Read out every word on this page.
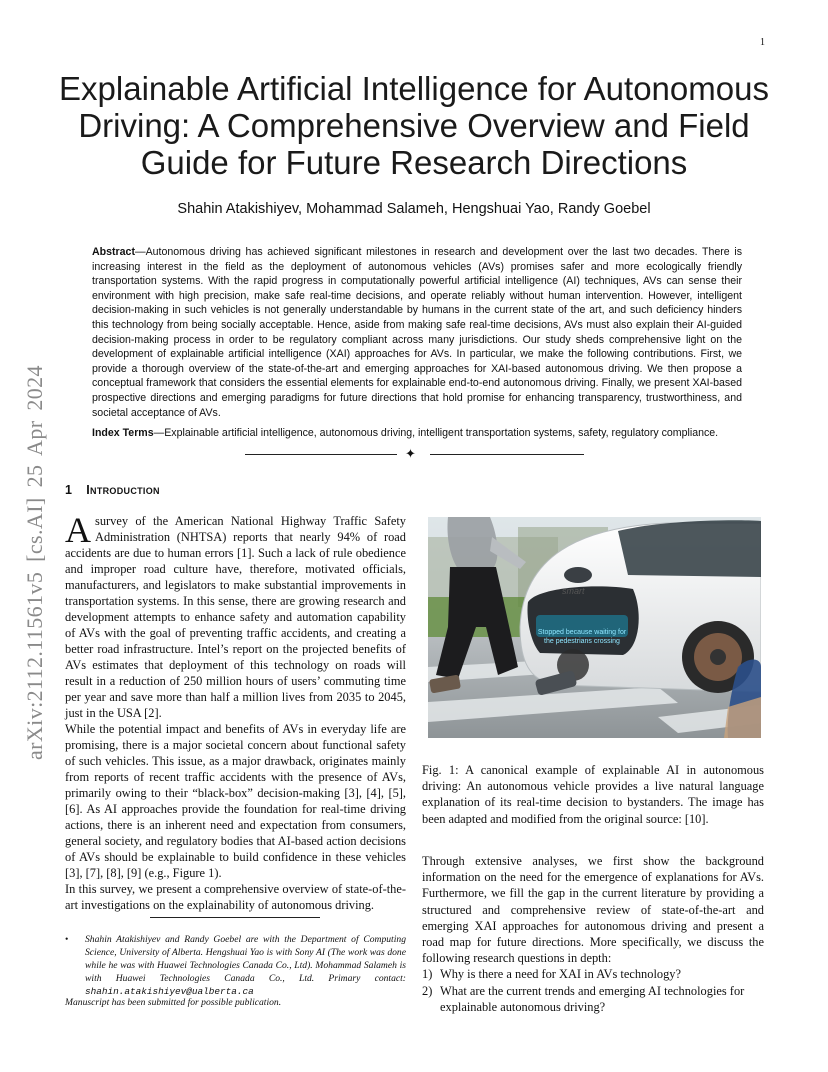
1
Explainable Artificial Intelligence for Autonomous Driving: A Comprehensive Overview and Field Guide for Future Research Directions
Shahin Atakishiyev, Mohammad Salameh, Hengshuai Yao, Randy Goebel
Abstract—Autonomous driving has achieved significant milestones in research and development over the last two decades. There is increasing interest in the field as the deployment of autonomous vehicles (AVs) promises safer and more ecologically friendly transportation systems. With the rapid progress in computationally powerful artificial intelligence (AI) techniques, AVs can sense their environment with high precision, make safe real-time decisions, and operate reliably without human intervention. However, intelligent decision-making in such vehicles is not generally understandable by humans in the current state of the art, and such deficiency hinders this technology from being socially acceptable. Hence, aside from making safe real-time decisions, AVs must also explain their AI-guided decision-making process in order to be regulatory compliant across many jurisdictions. Our study sheds comprehensive light on the development of explainable artificial intelligence (XAI) approaches for AVs. In particular, we make the following contributions. First, we provide a thorough overview of the state-of-the-art and emerging approaches for XAI-based autonomous driving. We then propose a conceptual framework that considers the essential elements for explainable end-to-end autonomous driving. Finally, we present XAI-based prospective directions and emerging paradigms for future directions that hold promise for enhancing transparency, trustworthiness, and societal acceptance of AVs.
Index Terms—Explainable artificial intelligence, autonomous driving, intelligent transportation systems, safety, regulatory compliance.
✦
arXiv:2112.11561v5 [cs.AI] 25 Apr 2024	1 Introduction

A survey of the American National Highway Traffic Safety Administration (NHTSA) reports that nearly 94% of road accidents are due to human errors [1]. Such a lack of rule obedience and improper road culture have, therefore, motivated officials, manufacturers, and legislators to make substantial improvements in transportation systems. In this sense, there are growing research and development attempts to enhance safety and automation capability of AVs with the goal of preventing traffic accidents, and creating a better road infrastructure. Intel’s report on the projected benefits of AVs estimates that deployment of this technology on roads will result in a reduction of 250 million hours of users’ commuting time per year and save more than half a million lives from 2035 to 2045, just in the USA [2].

While the potential impact and benefits of AVs in everyday life are promising, there is a major societal concern about functional safety of such vehicles. This issue, as a major drawback, originates mainly from reports of recent traffic accidents with the presence of AVs, primarily owing to their “black-box” decision-making [3], [4], [5], [6]. As AI approaches provide the foundation for real-time driving actions, there is an inherent need and expectation from consumers, general society, and regulatory bodies that AI-based action decisions of AVs should be explainable to build confidence in these vehicles [3], [7], [8], [9] (e.g., Figure 1).

In this survey, we present a comprehensive overview of state-of-the-art investigations on the explainability of autonomous driving.

• Shahin Atakishiyev and Randy Goebel are with the Department of Computing Science, University of Alberta. Hengshuai Yao is with Sony AI (The work was done while he was with Huawei Technologies Canada Co., Ltd). Mohammad Salameh is with Huawei Technologies Canada Co., Ltd. Primary contact: shahin.atakishiyev@ualberta.ca
Manuscript has been submitted for possible publication.
smart
Stopped because waiting for
the pedestrians crossing
Fig. 1: A canonical example of explainable AI in autonomous driving: An autonomous vehicle provides a live natural language explanation of its real-time decision to bystanders. The image has been adapted and modified from the original source: [10].

Through extensive analyses, we first show the background information on the need for the emergence of explanations for AVs. Furthermore, we fill the gap in the current literature by providing a structured and comprehensive review of state-of-the-art and emerging XAI approaches for autonomous driving and present a road map for future directions. More specifically, we discuss the following research questions in depth:

1) Why is there a need for XAI in AVs technology?
2) What are the current trends and emerging AI technologies for explainable autonomous driving?
